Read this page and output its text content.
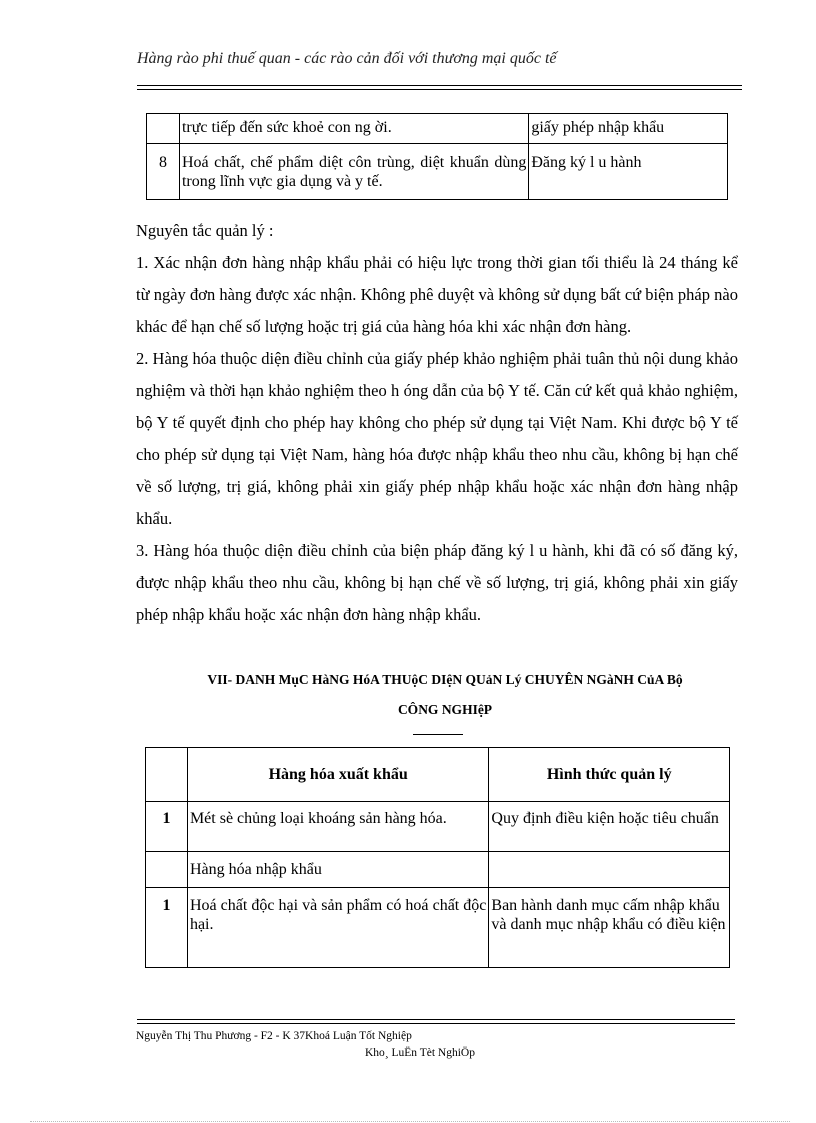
Hàng rào phi thuế quan - các rào cản đối với thương mại quốc tế
	trực tiếp đến sức khoẻ con ng ời.	giấy phép nhập khẩu
8	Hoá chất, chế phẩm diệt côn trùng, diệt khuẩn dùng trong lĩnh vực gia dụng và y tế.	Đăng ký l u hành

Nguyên tắc quản lý :

1. Xác nhận đơn hàng nhập khẩu phải có hiệu lực trong thời gian tối thiểu là 24 tháng kể từ ngày đơn hàng được xác nhận. Không phê duyệt và không sử dụng bất cứ biện pháp nào khác để hạn chế số lượng hoặc trị giá của hàng hóa khi xác nhận đơn hàng.

2. Hàng hóa thuộc diện điều chỉnh của giấy phép khảo nghiệm phải tuân thủ nội dung khảo nghiệm và thời hạn khảo nghiệm theo h óng dẫn của bộ Y tế. Căn cứ kết quả khảo nghiệm, bộ Y tế quyết định cho phép hay không cho phép sử dụng tại Việt Nam. Khi được bộ Y tế cho phép sử dụng tại Việt Nam, hàng hóa được nhập khẩu theo nhu cầu, không bị hạn chế về số lượng, trị giá, không phải xin giấy phép nhập khẩu hoặc xác nhận đơn hàng nhập khẩu.

3. Hàng hóa thuộc diện điều chỉnh của biện pháp đăng ký l u hành, khi đã có số đăng ký, được nhập khẩu theo nhu cầu, không bị hạn chế về số lượng, trị giá, không phải xin giấy phép nhập khẩu hoặc xác nhận đơn hàng nhập khẩu.

VII- DANH MụC HàNG HóA THUộC DIệN QUảN Lý CHUYÊN NGàNH CủA Bộ
CÔNG NGHIệP
	Hàng hóa xuất khẩu	Hình thức quản lý
1	Mét sè chủng loại khoáng sản hàng hóa.	Quy định điều kiện hoặc tiêu chuẩn
	Hàng hóa nhập khẩu	
1	Hoá chất độc hại và sản phẩm có hoá chất độc hại.	Ban hành danh mục cấm nhập khẩu và danh mục nhập khẩu có điều kiện
Nguyễn Thị Thu Phương - F2 - K 37Khoá Luận Tốt Nghiệp
Kho¸ LuËn Tèt NghiÖp
